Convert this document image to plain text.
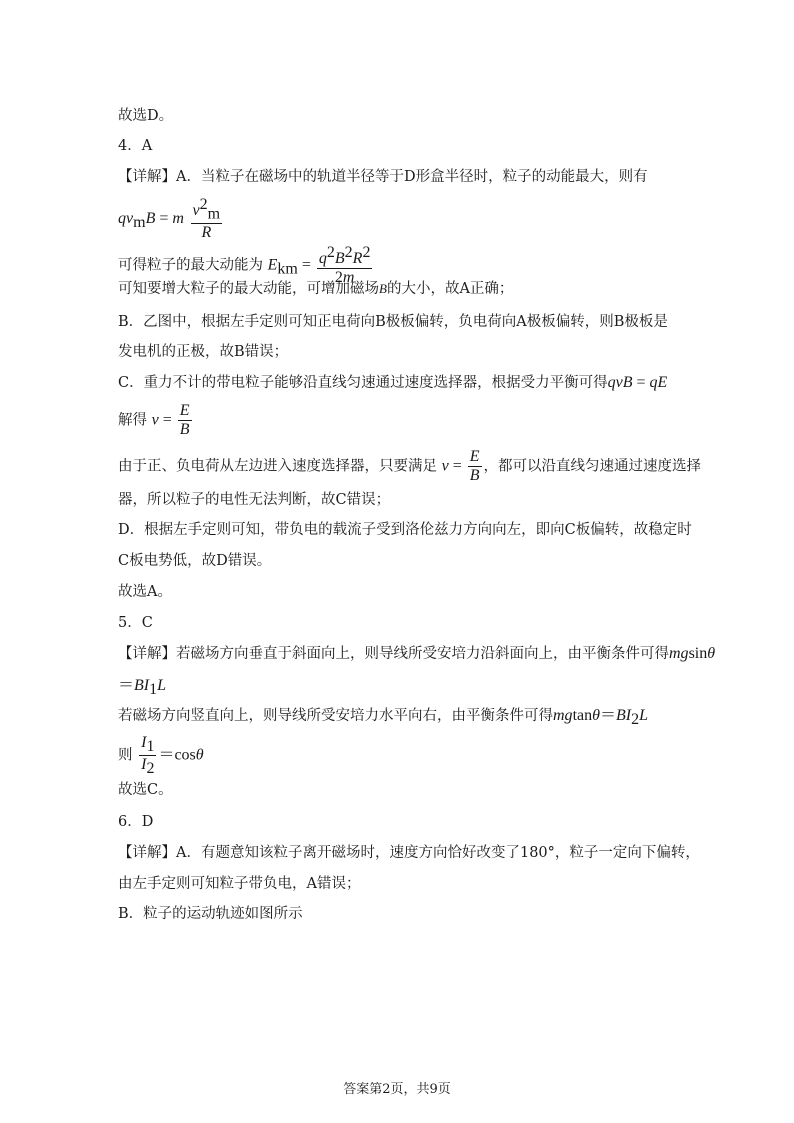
故选D。
4．A
【详解】A．当粒子在磁场中的轨道半径等于D形盒半径时，粒子的动能最大，则有
$qv_mB = m \frac{v^2_m}{R}$
可得粒子的最大动能为 $E_{km} = \frac{q^2B^2R^2}{2m}$
可知要增大粒子的最大动能，可增加磁场B的大小，故A正确；
B．乙图中，根据左手定则可知正电荷向B极板偏转，负电荷向A极板偏转，则B极板是
发电机的正极，故B错误；
C．重力不计的带电粒子能够沿直线匀速通过速度选择器，根据受力平衡可得qvB = qE
解得 $v = \frac{E}{B}$
由于正、负电荷从左边进入速度选择器，只要满足 $v = \frac{E}{B}$ ，都可以沿直线匀速通过速度选择
器，所以粒子的电性无法判断，故C错误；
D．根据左手定则可知，带负电的载流子受到洛伦兹力方向向左，即向C板偏转，故稳定时
C板电势低，故D错误。
故选A。
5．C
【详解】若磁场方向垂直于斜面向上，则导线所受安培力沿斜面向上，由平衡条件可得mgsinθ
$=BI_1L$
若磁场方向竖直向上，则导线所受安培力水平向右，由平衡条件可得$mgtan\theta=BI_2L$
则 $\frac{I_1}{I_2} =\cos\theta$
故选C。
6．D
【详解】A．有题意知该粒子离开磁场时，速度方向恰好改变了180°，粒子一定向下偏转，
由左手定则可知粒子带负电，A错误；
B．粒子的运动轨迹如图所示
答案第2页，共9页
